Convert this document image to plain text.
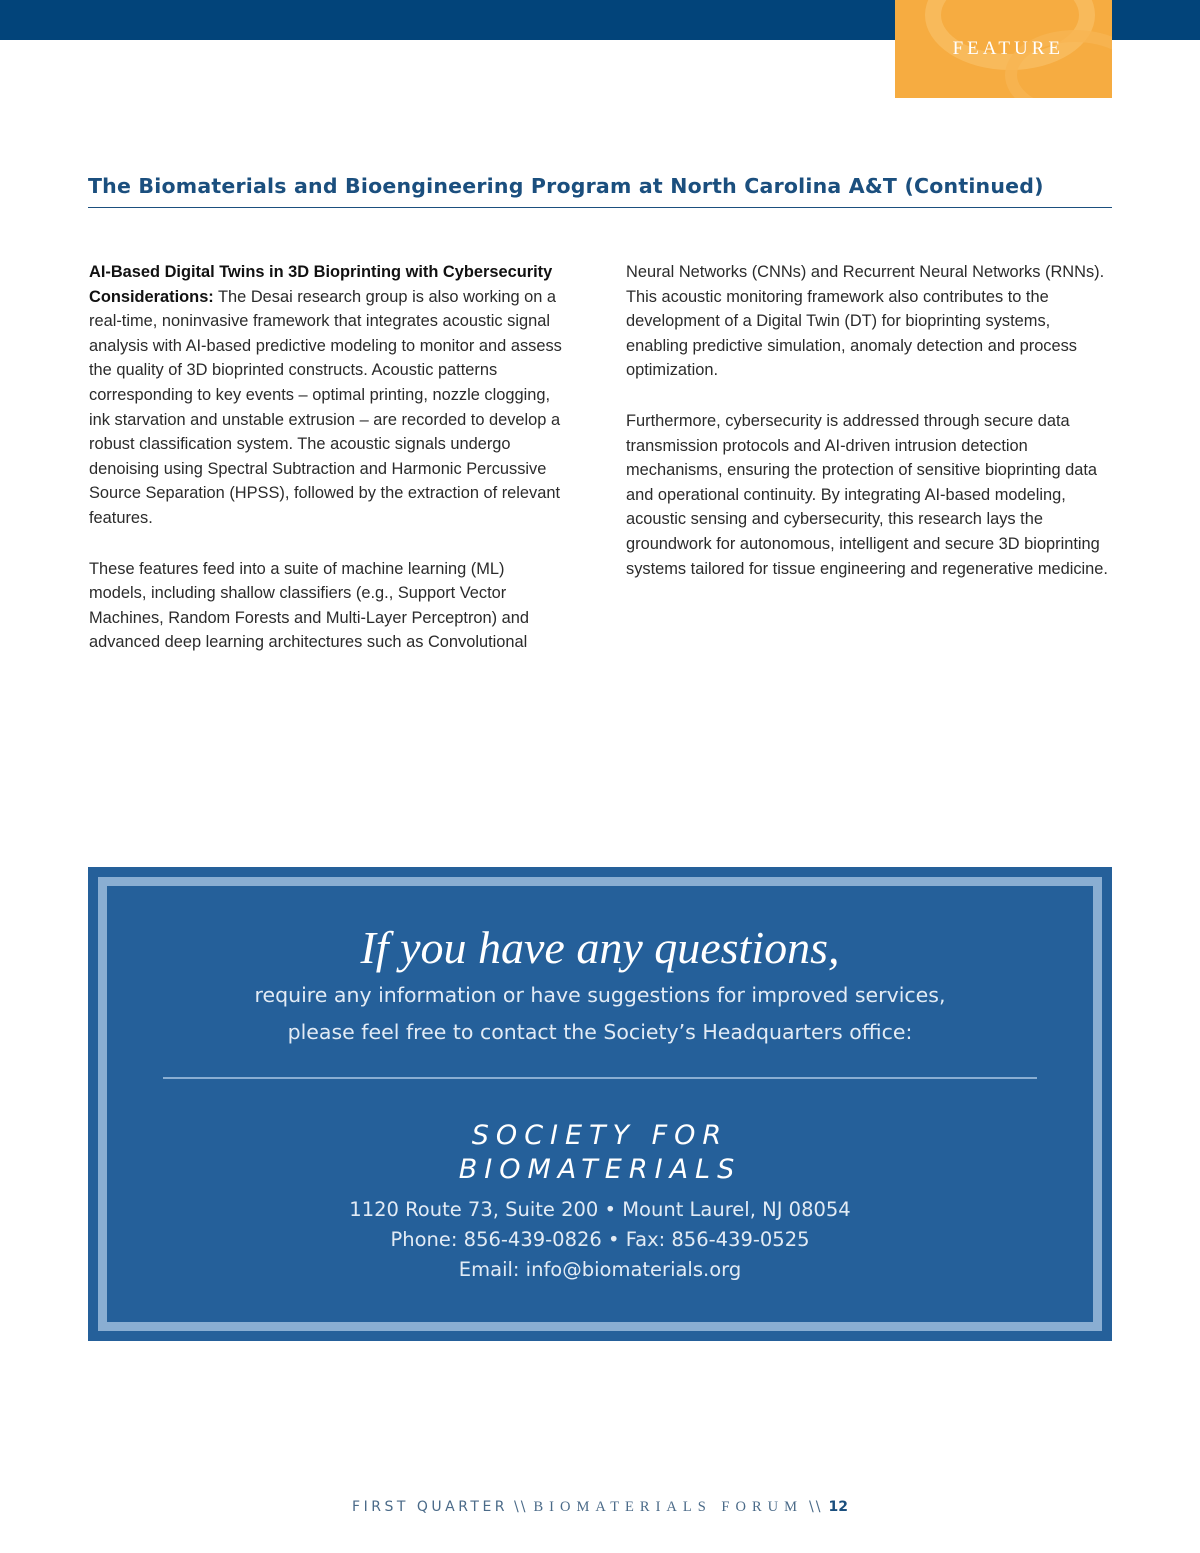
FEATURE
The Biomaterials and Bioengineering Program at North Carolina A&T (Continued)

AI-Based Digital Twins in 3D Bioprinting with Cybersecurity Considerations: The Desai research group is also working on a real-time, noninvasive framework that integrates acoustic signal analysis with AI-based predictive modeling to monitor and assess the quality of 3D bioprinted constructs. Acoustic patterns corresponding to key events – optimal printing, nozzle clogging, ink starvation and unstable extrusion – are recorded to develop a robust classification system. The acoustic signals undergo denoising using Spectral Subtraction and Harmonic Percussive Source Separation (HPSS), followed by the extraction of relevant features.

These features feed into a suite of machine learning (ML) models, including shallow classifiers (e.g., Support Vector Machines, Random Forests and Multi-Layer Perceptron) and advanced deep learning architectures such as Convolutional

Neural Networks (CNNs) and Recurrent Neural Networks (RNNs). This acoustic monitoring framework also contributes to the development of a Digital Twin (DT) for bioprinting systems, enabling predictive simulation, anomaly detection and process optimization.

Furthermore, cybersecurity is addressed through secure data transmission protocols and AI-driven intrusion detection mechanisms, ensuring the protection of sensitive bioprinting data and operational continuity. By integrating AI-based modeling, acoustic sensing and cybersecurity, this research lays the groundwork for autonomous, intelligent and secure 3D bioprinting systems tailored for tissue engineering and regenerative medicine.

If you have any questions,
require any information or have suggestions for improved services,
please feel free to contact the Society’s Headquarters office:
SOCIETY FOR
BIOMATERIALS
1120 Route 73, Suite 200 • Mount Laurel, NJ 08054
Phone: 856-439-0826 • Fax: 856-439-0525
Email: info@biomaterials.org
FIRST QUARTER \\ BIOMATERIALS FORUM \\ 12
